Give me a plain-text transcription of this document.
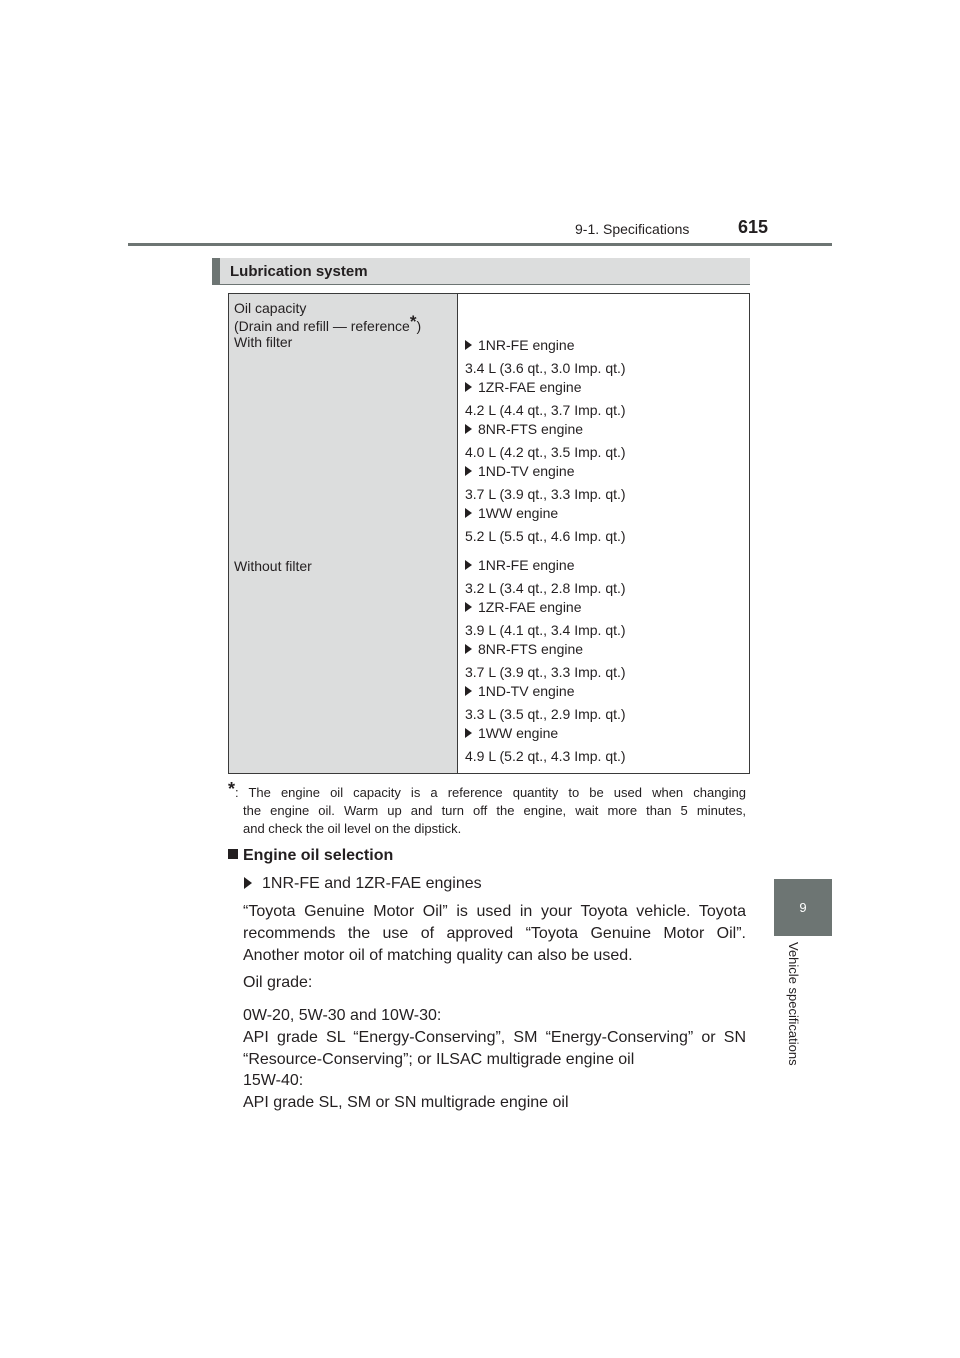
9-1. Specifications	615
9
Vehicle specifications
Lubrication system
Oil capacity
(Drain and refill — reference*)
With filter
Without filter
1NR-FE engine
3.4 L (3.6 qt., 3.0 Imp. qt.)
1ZR-FAE engine
4.2 L (4.4 qt., 3.7 Imp. qt.)
8NR-FTS engine
4.0 L (4.2 qt., 3.5 Imp. qt.)
1ND-TV engine
3.7 L (3.9 qt., 3.3 Imp. qt.)
1WW engine
5.2 L (5.5 qt., 4.6 Imp. qt.)
1NR-FE engine
3.2 L (3.4 qt., 2.8 Imp. qt.)
1ZR-FAE engine
3.9 L (4.1 qt., 3.4 Imp. qt.)
8NR-FTS engine
3.7 L (3.9 qt., 3.3 Imp. qt.)
1ND-TV engine
3.3 L (3.5 qt., 2.9 Imp. qt.)
1WW engine
4.9 L (5.2 qt., 4.3 Imp. qt.)
*: The engine oil capacity is a reference quantity to be used when changing
the engine oil. Warm up and turn off the engine, wait more than 5 minutes,
and check the oil level on the dipstick.
Engine oil selection
1NR-FE and 1ZR-FAE engines
“Toyota Genuine Motor Oil” is used in your Toyota vehicle. Toyota
recommends the use of approved “Toyota Genuine Motor Oil”.
Another motor oil of matching quality can also be used.
Oil grade:
0W-20, 5W-30 and 10W-30:
API grade SL “Energy-Conserving”, SM “Energy-Conserving” or SN
“Resource-Conserving”; or ILSAC multigrade engine oil
15W-40:
API grade SL, SM or SN multigrade engine oil
